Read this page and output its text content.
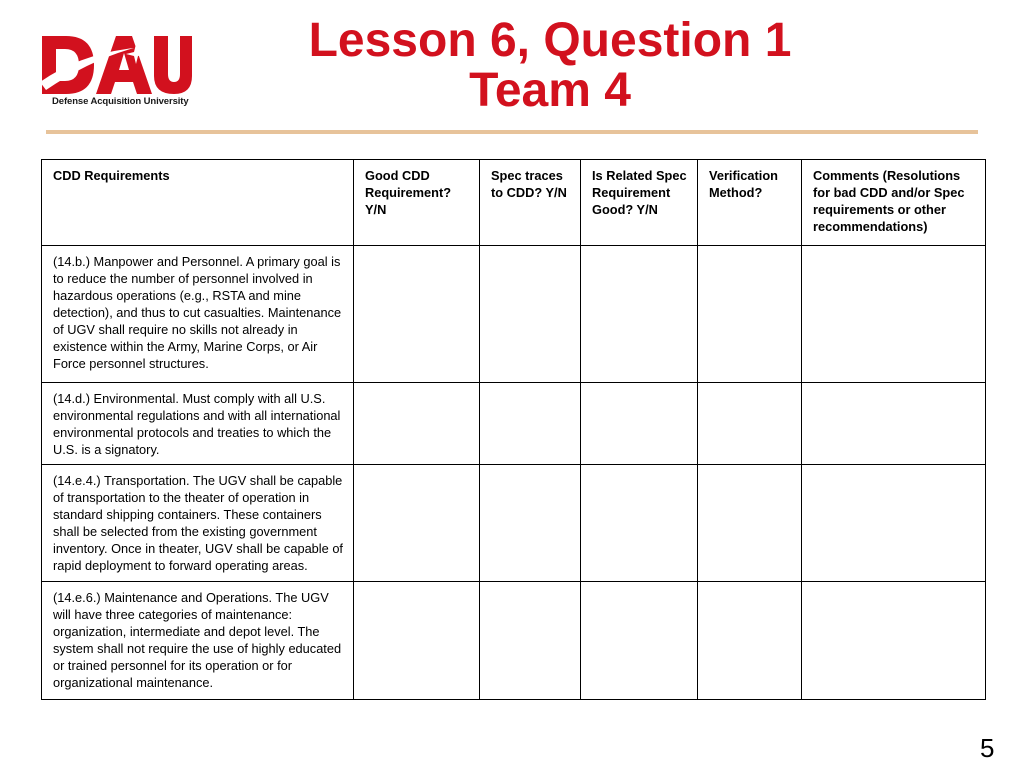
Defense Acquisition University
Lesson 6, Question 1
Team 4
CDD Requirements	Good CDD Requirement? Y/N	Spec traces to CDD? Y/N	Is Related Spec Requirement Good? Y/N	Verification Method?	Comments (Resolutions for bad CDD and/or Spec requirements or other recommendations)
(14.b.) Manpower and Personnel. A primary goal is to reduce the number of personnel involved in hazardous operations (e.g., RSTA and mine detection), and thus to cut casualties. Maintenance of UGV shall require no skills not already in existence within the Army, Marine Corps, or Air Force personnel structures.					
(14.d.) Environmental. Must comply with all U.S. environmental regulations and with all international environmental protocols and treaties to which the U.S. is a signatory.					
(14.e.4.) Transportation. The UGV shall be capable of transportation to the theater of operation in standard shipping containers. These containers shall be selected from the existing government inventory. Once in theater, UGV shall be capable of rapid deployment to forward operating areas.					
(14.e.6.) Maintenance and Operations. The UGV will have three categories of maintenance: organization, intermediate and depot level. The system shall not require the use of highly educated or trained personnel for its operation or for organizational maintenance.					
5
